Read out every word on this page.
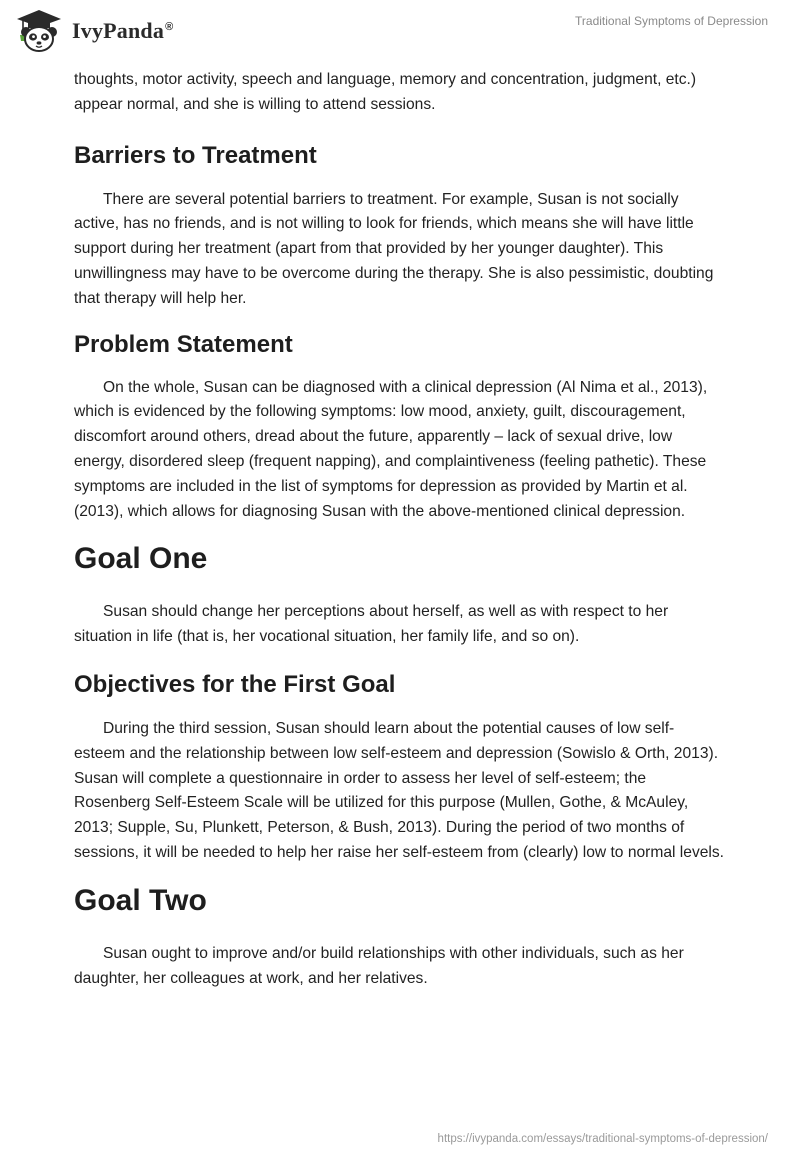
IvyPanda®	Traditional Symptoms of Depression

thoughts, motor activity, speech and language, memory and concentration, judgment, etc.) appear normal, and she is willing to attend sessions.

Barriers to Treatment

There are several potential barriers to treatment. For example, Susan is not socially active, has no friends, and is not willing to look for friends, which means she will have little support during her treatment (apart from that provided by her younger daughter). This unwillingness may have to be overcome during the therapy. She is also pessimistic, doubting that therapy will help her.

Problem Statement

On the whole, Susan can be diagnosed with a clinical depression (Al Nima et al., 2013), which is evidenced by the following symptoms: low mood, anxiety, guilt, discouragement, discomfort around others, dread about the future, apparently – lack of sexual drive, low energy, disordered sleep (frequent napping), and complaintiveness (feeling pathetic). These symptoms are included in the list of symptoms for depression as provided by Martin et al. (2013), which allows for diagnosing Susan with the above-mentioned clinical depression.

Goal One

Susan should change her perceptions about herself, as well as with respect to her situation in life (that is, her vocational situation, her family life, and so on).

Objectives for the First Goal

During the third session, Susan should learn about the potential causes of low self-esteem and the relationship between low self-esteem and depression (Sowislo & Orth, 2013). Susan will complete a questionnaire in order to assess her level of self-esteem; the Rosenberg Self-Esteem Scale will be utilized for this purpose (Mullen, Gothe, & McAuley, 2013; Supple, Su, Plunkett, Peterson, & Bush, 2013). During the period of two months of sessions, it will be needed to help her raise her self-esteem from (clearly) low to normal levels.

Goal Two

Susan ought to improve and/or build relationships with other individuals, such as her daughter, her colleagues at work, and her relatives.

https://ivypanda.com/essays/traditional-symptoms-of-depression/
